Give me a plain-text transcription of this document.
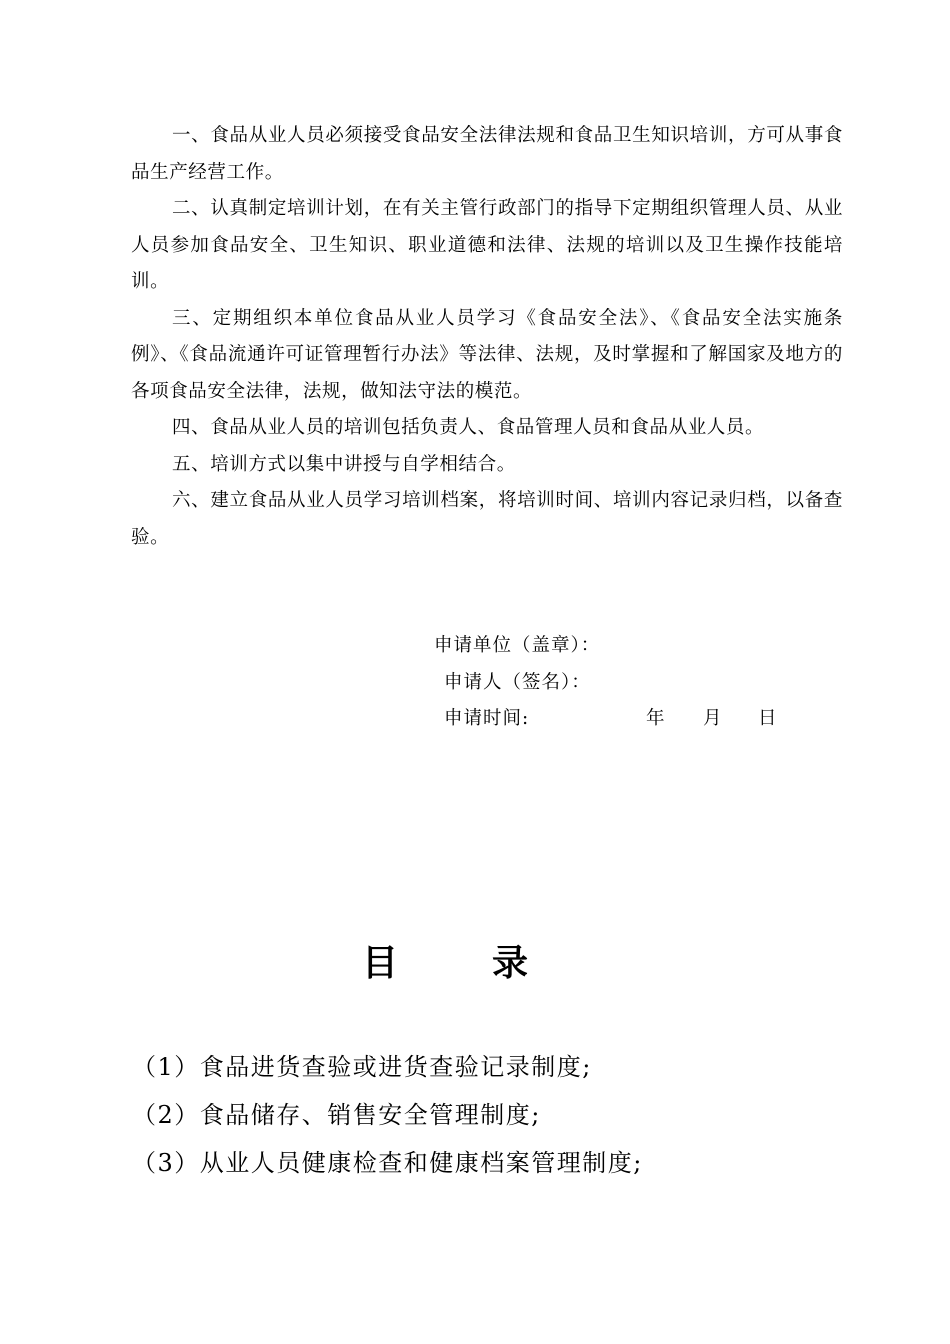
一、食品从业人员必须接受食品安全法律法规和食品卫生知识培训，方可从事食品生产经营工作。

二、认真制定培训计划，在有关主管行政部门的指导下定期组织管理人员、从业人员参加食品安全、卫生知识、职业道德和法律、法规的培训以及卫生操作技能培训。

三、定期组织本单位食品从业人员学习《食品安全法》、《食品安全法实施条例》、《食品流通许可证管理暂行办法》等法律、法规，及时掌握和了解国家及地方的各项食品安全法律，法规，做知法守法的模范。

四、食品从业人员的培训包括负责人、食品管理人员和食品从业人员。

五、培训方式以集中讲授与自学相结合。

六、建立食品从业人员学习培训档案，将培训时间、培训内容记录归档，以备查验。

申请单位（盖章）：
申请人（签名）：
申请时间:	年 月 日
目	录
（1）食品进货查验或进货查验记录制度;
（2）食品储存、销售安全管理制度;
（3）从业人员健康检查和健康档案管理制度;
